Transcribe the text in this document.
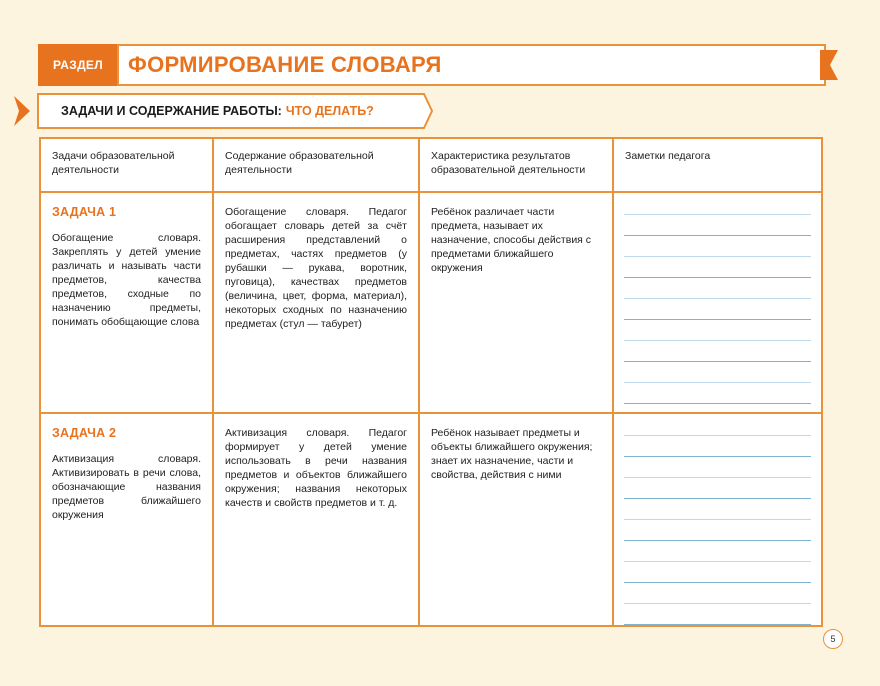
РАЗДЕЛ	ФОРМИРОВАНИЕ СЛОВАРЯ
ЗАДАЧИ И СОДЕРЖАНИЕ РАБОТЫ: ЧТО ДЕЛАТЬ?
Задачи образовательной деятельности	Содержание образовательной деятельности	Характеристика результатов образовательной деятельности	Заметки педагога

ЗАДАЧА 1
Обогащение словаря. Закреплять у детей умение различать и называть части предметов, качества предметов, сходные по назначению предметы, понимать обобщающие слова	Обогащение словаря. Педагог обогащает словарь детей за счёт расширения представлений о предметах, частях предметов (у рубашки — рукава, воротник, пуговица), качествах предметов (величина, цвет, форма, материал), некоторых сходных по назначению предметах (стул — табурет)	Ребёнок различает части предмета, называет их назначение, способы действия с предметами ближайшего окружения	

ЗАДАЧА 2
Активизация словаря. Активизировать в речи слова, обозначающие названия предметов ближайшего окружения	Активизация словаря. Педагог формирует у детей умение использовать в речи названия предметов и объектов ближайшего окружения; названия некоторых качеств и свойств предметов и т. д.	Ребёнок называет предметы и объекты ближайшего окружения; знает их назначение, части и свойства, действия с ними	
5
